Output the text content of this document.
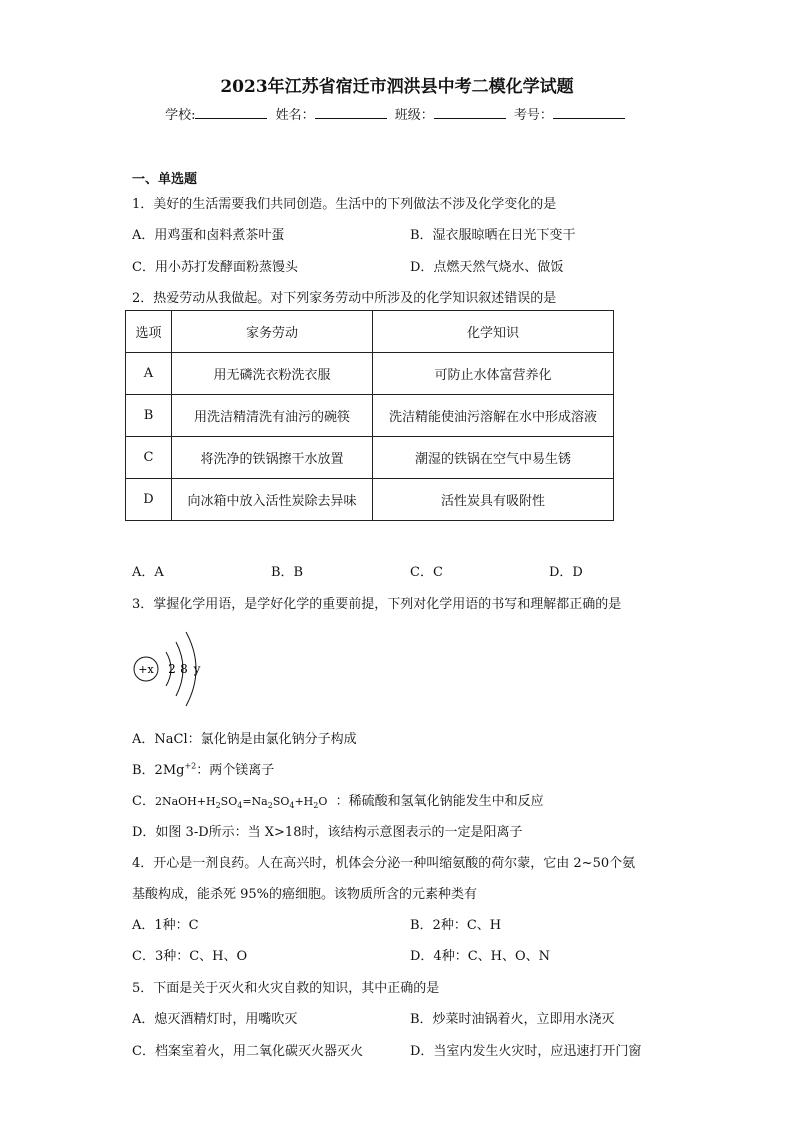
2023年江苏省宿迁市泗洪县中考二模化学试题
学校:	姓名：	班级：	考号：
一、单选题
1．美好的生活需要我们共同创造。生活中的下列做法不涉及化学变化的是
A．用鸡蛋和卤料煮茶叶蛋	B．湿衣服晾晒在日光下变干
C．用小苏打发酵面粉蒸馒头	D．点燃天然气烧水、做饭
2．热爱劳动从我做起。对下列家务劳动中所涉及的化学知识叙述错误的是
选项	家务劳动	化学知识
A	用无磷洗衣粉洗衣服	可防止水体富营养化
B	用洗洁精清洗有油污的碗筷	洗洁精能使油污溶解在水中形成溶液
C	将洗净的铁锅擦干水放置	潮湿的铁锅在空气中易生锈
D	向冰箱中放入活性炭除去异味	活性炭具有吸附性
A．A	B．B	C．C	D．D
3．掌握化学用语，是学好化学的重要前提，下列对化学用语的书写和理解都正确的是
+x 2 8 y
A．NaCl：氯化钠是由氯化钠分子构成
B．$2Mg^{+2}$：两个镁离子
C．$2NaOH+H_2SO_4=Na_2SO_4+H_2O$ ：稀硫酸和氢氧化钠能发生中和反应
D．如图 3-D所示：当 X>18时，该结构示意图表示的一定是阳离子
4．开心是一剂良药。人在高兴时，机体会分泌一种叫缩氨酸的荷尔蒙，它由 2~50个氨
基酸构成，能杀死 95%的癌细胞。该物质所含的元素种类有
A．1种：C	B．2种：C、H
C．3种：C、H、O	D．4种：C、H、O、N
5．下面是关于灭火和火灾自救的知识，其中正确的是
A．熄灭酒精灯时，用嘴吹灭	B．炒菜时油锅着火，立即用水浇灭
C．档案室着火，用二氧化碳灭火器灭火	D．当室内发生火灾时，应迅速打开门窗
